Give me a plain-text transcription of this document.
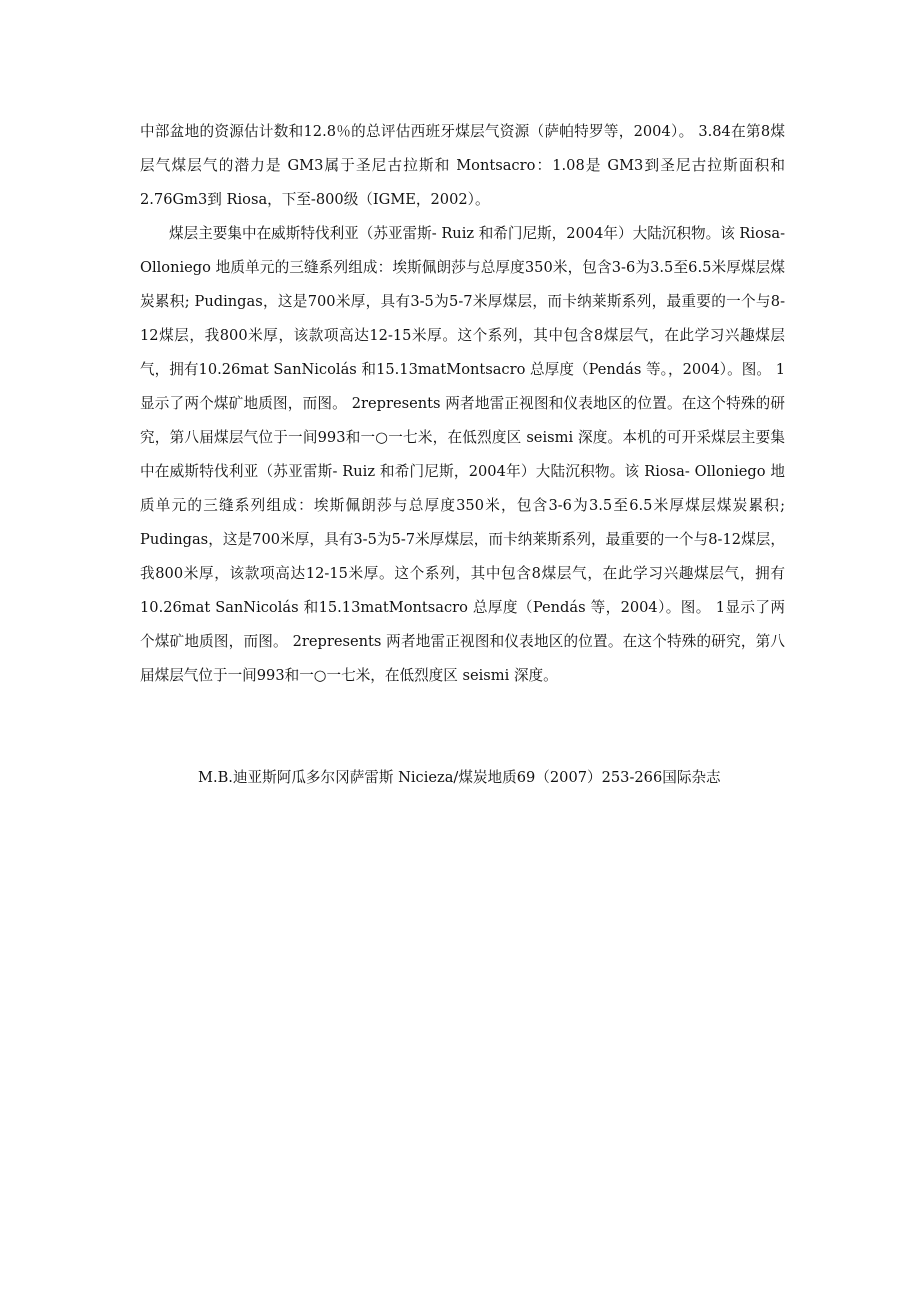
中部盆地的资源估计数和12.8％的总评估西班牙煤层气资源（萨帕特罗等，2004）。 3.84在第8煤层气煤层气的潜力是 GM3属于圣尼古拉斯和 Montsacro：1.08是 GM3到圣尼古拉斯面积和2.76Gm3到 Riosa，下至-800级（IGME，2002）。

煤层主要集中在威斯特伐利亚（苏亚雷斯- Ruiz 和希门尼斯，2004年）大陆沉积物。该 Riosa- Olloniego 地质单元的三缝系列组成：埃斯佩朗莎与总厚度350米，包含3-6为3.5至6.5米厚煤层煤炭累积; Pudingas，这是700米厚，具有3-5为5-7米厚煤层，而卡纳莱斯系列，最重要的一个与8-12煤层，我800米厚，该款项高达12-15米厚。这个系列，其中包含8煤层气，在此学习兴趣煤层气，拥有10.26mat SanNicolás 和15.13matMontsacro 总厚度（Pendás 等。，2004）。图。 1显示了两个煤矿地质图，而图。 2represents 两者地雷正视图和仪表地区的位置。在这个特殊的研究，第八届煤层气位于一间993和一○一七米，在低烈度区 seismi 深度。本机的可开采煤层主要集中在威斯特伐利亚（苏亚雷斯- Ruiz 和希门尼斯，2004年）大陆沉积物。该 Riosa- Olloniego 地质单元的三缝系列组成：埃斯佩朗莎与总厚度350米，包含3-6为3.5至6.5米厚煤层煤炭累积; Pudingas，这是700米厚，具有3-5为5-7米厚煤层，而卡纳莱斯系列，最重要的一个与8-12煤层，我800米厚，该款项高达12-15米厚。这个系列，其中包含8煤层气，在此学习兴趣煤层气，拥有10.26mat SanNicolás 和15.13matMontsacro 总厚度（Pendás 等，2004）。图。 1显示了两个煤矿地质图，而图。 2represents 两者地雷正视图和仪表地区的位置。在这个特殊的研究，第八届煤层气位于一间993和一○一七米，在低烈度区 seismi 深度。

M.B.迪亚斯阿瓜多尔冈萨雷斯 Nicieza/煤炭地质69（2007）253-266国际杂志
